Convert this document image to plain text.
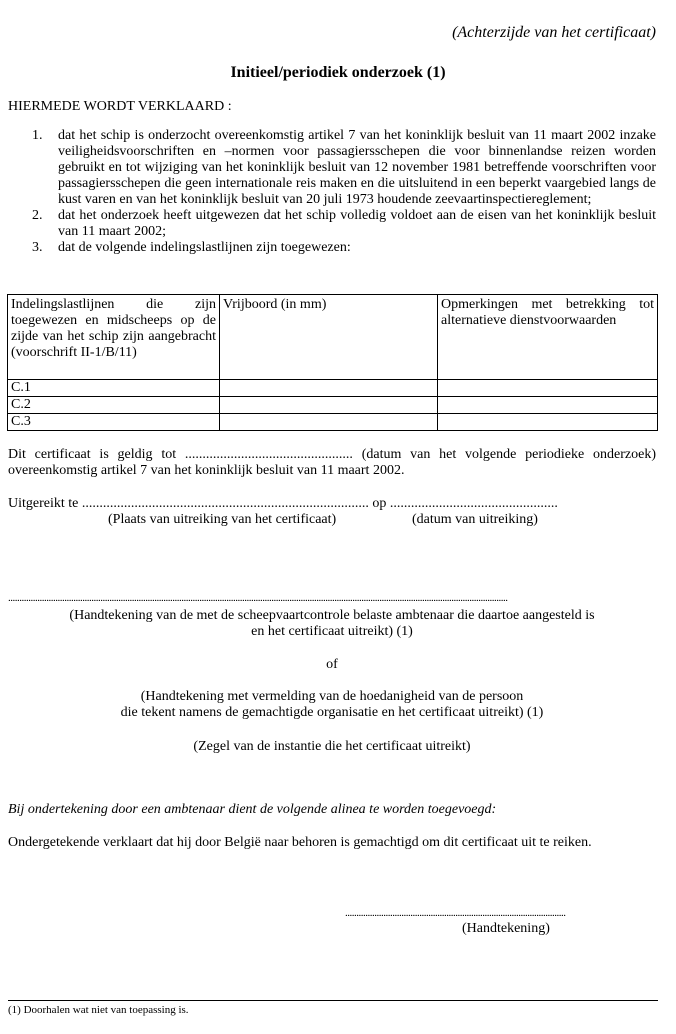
(Achterzijde van het certificaat)
Initieel/periodiek onderzoek (1)
HIERMEDE WORDT VERKLAARD :
1. dat het schip is onderzocht overeenkomstig artikel 7 van het koninklijk besluit van 11 maart 2002 inzake veiligheidsvoorschriften en –normen voor passagiersschepen die voor binnenlandse reizen worden gebruikt en tot wijziging van het koninklijk besluit van 12 november 1981 betreffende voorschriften voor passagiersschepen die geen internationale reis maken en die uitsluitend in een beperkt vaargebied langs de kust varen en van het koninklijk besluit van 20 juli 1973 houdende zeevaartinspectiereglement;
2. dat het onderzoek heeft uitgewezen dat het schip volledig voldoet aan de eisen van het koninklijk besluit van 11 maart 2002;
3. dat de volgende indelingslastlijnen zijn toegewezen:
Indelingslastlijnen die zijn toegewezen en midscheeps op de zijde van het schip zijn aangebracht (voorschrift II-1/B/11)	Vrijboord (in mm)	Opmerkingen met betrekking tot alternatieve dienstvoorwaarden
C.1		
C.2		
C.3		
Dit certificaat is geldig tot ................................................ (datum van het volgende periodieke onderzoek) overeenkomstig artikel 7 van het koninklijk besluit van 11 maart 2002.
Uitgereikt te .................................................................................. op ................................................
(Plaats van uitreiking van het certificaat)	(datum van uitreiking)
..............................................................................................................................................................................................................................
(Handtekening van de met de scheepvaartcontrole belaste ambtenaar die daartoe aangesteld is
en het certificaat uitreikt) (1)
of
(Handtekening met vermelding van de hoedanigheid van de persoon
die tekent namens de gemachtigde organisatie en het certificaat uitreikt) (1)
(Zegel van de instantie die het certificaat uitreikt)
Bij ondertekening door een ambtenaar dient de volgende alinea te worden toegevoegd:
Ondergetekende verklaart dat hij door België naar behoren is gemachtigd om dit certificaat uit te reiken.
..................................................................................................
(Handtekening)
(1) Doorhalen wat niet van toepassing is.
